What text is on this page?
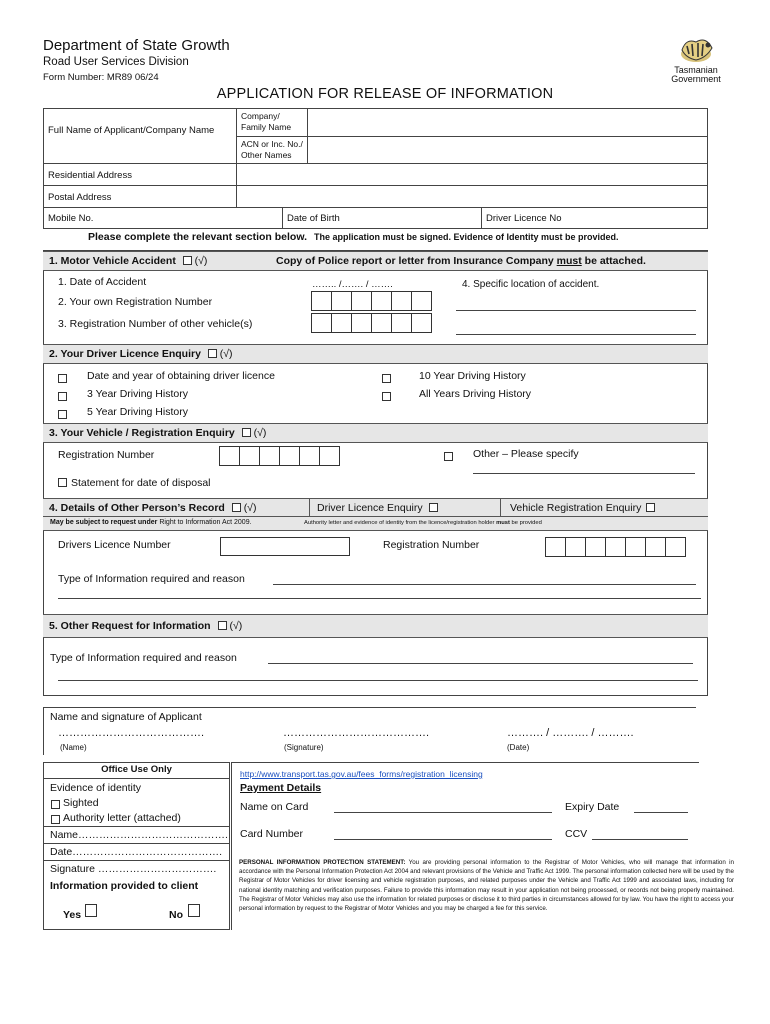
Department of State Growth
Road User Services Division
Form Number: MR89 06/24
Tasmanian
Government
APPLICATION FOR RELEASE OF INFORMATION
Full Name of Applicant/Company Name
Company/ Family Name
ACN or Inc. No./ Other Names
Residential Address
Postal Address
Mobile No.	Date of Birth	Driver Licence No
Please complete the relevant section below. The application must be signed. Evidence of Identity must be provided.
1. Motor Vehicle Accident (√)	Copy of Police report or letter from Insurance Company must be attached.
1. Date of Accident	…….. /……. / …….	4. Specific location of accident.
2. Your own Registration Number
3. Registration Number of other vehicle(s)
2. Your Driver Licence Enquiry (√)
Date and year of obtaining driver licence
3 Year Driving History
5 Year Driving History
10 Year Driving History
All Years Driving History
3. Your Vehicle / Registration Enquiry (√)
Registration Number	Other – Please specify
Statement for date of disposal
4. Details of Other Person’s Record (√)	Driver Licence Enquiry	Vehicle Registration Enquiry
May be subject to request under Right to Information Act 2009.	Authority letter and evidence of identity from the licence/registration holder must be provided
Drivers Licence Number	Registration Number
Type of Information required and reason
5. Other Request for Information (√)
Type of Information required and reason
Name and signature of Applicant
………………………………….	………………………………….	………. / ………. / ……….
(Name)	(Signature)	(Date)
Office Use Only
Evidence of identity
Sighted
Authority letter (attached)
Name…………………………………….
Date…………………………………….
Signature …………………………….
Information provided to client
Yes	No
http://www.transport.tas.gov.au/fees_forms/registration_licensing
Payment Details
Name on Card	Expiry Date
Card Number	CCV
PERSONAL INFORMATION PROTECTION STATEMENT: You are providing personal information to the Registrar of Motor Vehicles, who will manage that information in accordance with the Personal Information Protection Act 2004 and relevant provisions of the Vehicle and Traffic Act 1999. The personal information collected here will be used by the Registrar of Motor Vehicles for driver licensing and vehicle registration purposes, and related purposes under the Vehicle and Traffic Act 1999 and associated laws, including for national identity matching and verification purposes. Failure to provide this information may result in your application not being processed, or records not being properly maintained. The Registrar of Motor Vehicles may also use the information for related purposes or disclose it to third parties in circumstances allowed for by law. You have the right to access your personal information by request to the Registrar of Motor Vehicles and you may be charged a fee for this service.
